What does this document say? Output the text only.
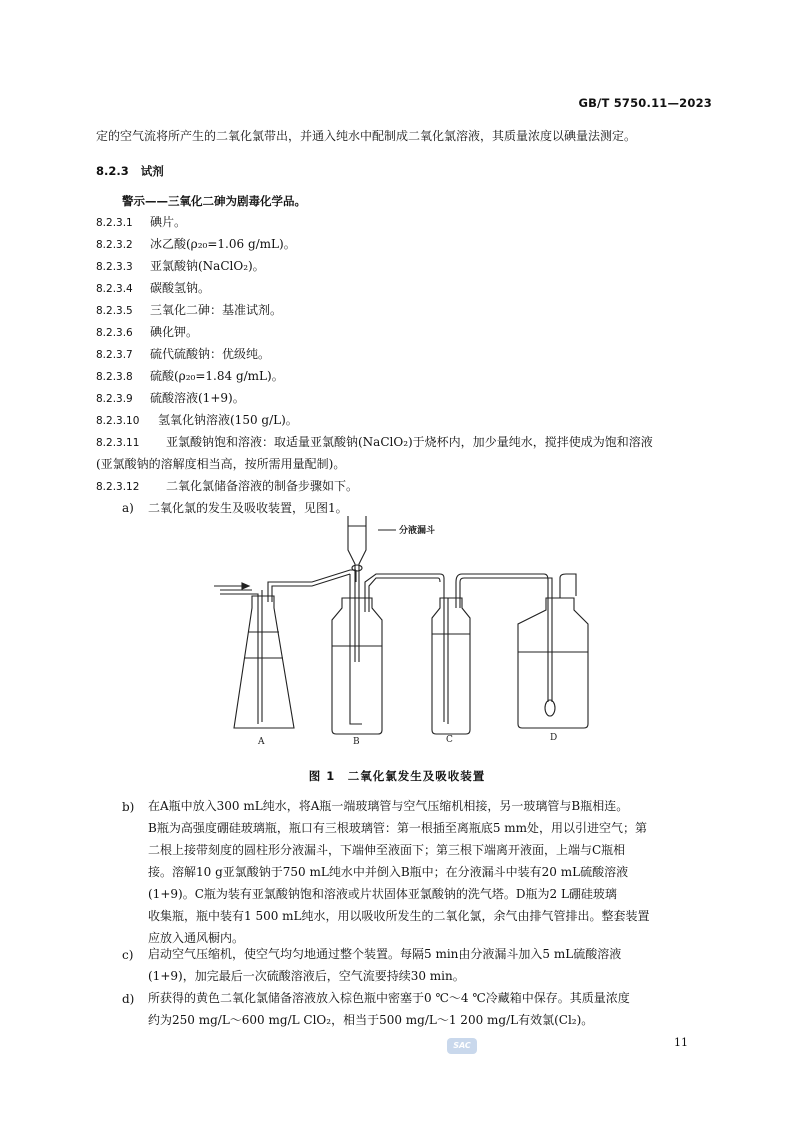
GB/T 5750.11—2023
定的空气流将所产生的二氧化氯带出，并通入纯水中配制成二氧化氯溶液，其质量浓度以碘量法测定。
8.2.3 试剂
警示——三氧化二砷为剧毒化学品。
8.2.3.1 碘片。
8.2.3.2 冰乙酸(ρ₂₀=1.06 g/mL)。
8.2.3.3 亚氯酸钠(NaClO₂)。
8.2.3.4 碳酸氢钠。
8.2.3.5 三氧化二砷：基准试剂。
8.2.3.6 碘化钾。
8.2.3.7 硫代硫酸钠：优级纯。
8.2.3.8 硫酸(ρ₂₀=1.84 g/mL)。
8.2.3.9 硫酸溶液(1+9)。
8.2.3.10 氢氧化钠溶液(150 g/L)。
8.2.3.11 亚氯酸钠饱和溶液：取适量亚氯酸钠(NaClO₂)于烧杯内，加少量纯水，搅拌使成为饱和溶液
(亚氯酸钠的溶解度相当高，按所需用量配制)。
8.2.3.12 二氧化氯储备溶液的制备步骤如下。
a) 二氧化氯的发生及吸收装置，见图1。
A	B	C	D
分液漏斗
图 1　二氧化氯发生及吸收装置
b) 在A瓶中放入300 mL纯水，将A瓶一端玻璃管与空气压缩机相接，另一玻璃管与B瓶相连。
B瓶为高强度硼硅玻璃瓶，瓶口有三根玻璃管：第一根插至离瓶底5 mm处，用以引进空气；第
二根上接带刻度的圆柱形分液漏斗，下端伸至液面下；第三根下端离开液面，上端与C瓶相
接。溶解10 g亚氯酸钠于750 mL纯水中并倒入B瓶中；在分液漏斗中装有20 mL硫酸溶液
(1+9)。C瓶为装有亚氯酸钠饱和溶液或片状固体亚氯酸钠的洗气塔。D瓶为2 L硼硅玻璃
收集瓶，瓶中装有1 500 mL纯水，用以吸收所发生的二氧化氯，余气由排气管排出。整套装置
应放入通风橱内。
c) 启动空气压缩机，使空气均匀地通过整个装置。每隔5 min由分液漏斗加入5 mL硫酸溶液
(1+9)，加完最后一次硫酸溶液后，空气流要持续30 min。
d) 所获得的黄色二氧化氯储备溶液放入棕色瓶中密塞于0 ℃～4 ℃冷藏箱中保存。其质量浓度
约为250 mg/L～600 mg/L ClO₂，相当于500 mg/L～1 200 mg/L有效氯(Cl₂)。
SAC	11
